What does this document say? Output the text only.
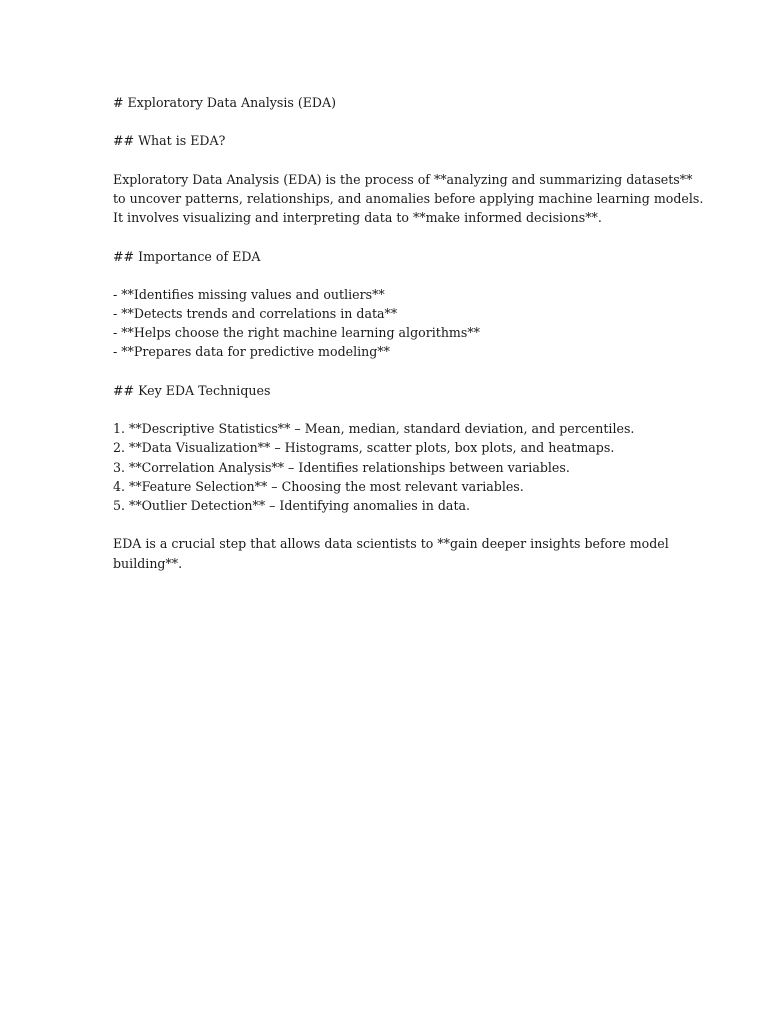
# Exploratory Data Analysis (EDA)
## What is EDA?
Exploratory Data Analysis (EDA) is the process of **analyzing and summarizing datasets**
to uncover patterns, relationships, and anomalies before applying machine learning models.
It involves visualizing and interpreting data to **make informed decisions**.
## Importance of EDA
- **Identifies missing values and outliers**
- **Detects trends and correlations in data**
- **Helps choose the right machine learning algorithms**
- **Prepares data for predictive modeling**
## Key EDA Techniques
1. **Descriptive Statistics** – Mean, median, standard deviation, and percentiles.
2. **Data Visualization** – Histograms, scatter plots, box plots, and heatmaps.
3. **Correlation Analysis** – Identifies relationships between variables.
4. **Feature Selection** – Choosing the most relevant variables.
5. **Outlier Detection** – Identifying anomalies in data.
EDA is a crucial step that allows data scientists to **gain deeper insights before model
building**.
